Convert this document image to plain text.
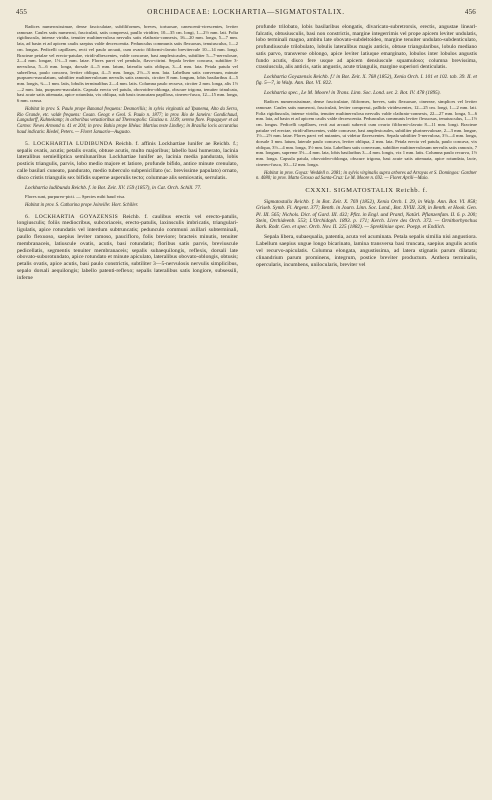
455	ORCHIDACEAE: LOCKHARTIA—SIGMATOSTALIX.	456

Radices numerosissimae, dense fasciculatae, subfiliformes, breves, tortuosae, canescenti-virescentes, leviter ramosae. Caules satis numerosi, fasciculati, satis compressi, paullo viriditer, 10—35 cm. longi, 1—2½ mm. lati. Folia rigidiuscula, intense viridia, tenuiter multinervulosa nervulis satis elathrato-connexis, 16—20 mm. longa, 5—7 mm. lata, ad basin et ad apicem caulis saepius valde decrescentia. Pedunculus communis satis flexuosus, tenuiusculus, 1—2 cm. longus. Pedicelli capillares, recti vel paulo arcuati, cum ovario filiformi-clavato brevitercule 10—14 mm. longi. Bracteae petalae vel erecto-patulae, viridi-albescentes, valde concavae, basi amplexicaules, subtiliter 5—7-nervulosae, 2—4 mm. longae, 1½—3 mm. latae. Flores parvi vel pendulo, flavo-citrini. Sepala leviter concava, subtiliter 3-nervulosa, 5—6 mm. longa, dorsale 4—5 mm. latum, lateralia satis obliqua, 3—4 mm. lata. Petala patula vel subreflexa, paulo concava, leviter obliqua, 4—5 mm. longa, 2½—3 mm. lata. Labellum satis convexum, minute purpureo-maculatum, subtiliter multinervulosum nervulis satis ramosis, circiter 8 mm. longum, lobis basilaribus 4—5 mm. longis, ¾—1 mm. latis, lobulis terminalibus 2—4 mm. latis. Columna paulo recurva, circiter 2 mm. longa, alis 1½—2 mm. lata, purpureo-maculatis. Capsula erecta vel patula, obovoideo-oblonga, obscure trigona, tenuiter trinulcata, basi acute satis attenuata, apice rotundata, vix obliqua, sub basis truncatam papillosa, cinereo-fusca, 12—15 mm. longa, 6 mm. crassa.

Habitat in prov. S. Paulo prope Bananal frequens: Desmoriliis; in sylvis virginatis ad Ypanema, Alto da Serra, Rio Grande, etc. valde frequens: Cosan. Geogr. e Geol. S. Paulo n. 1877; in prov. Rio de Janeiro: Gondichaud, Langsdorff, Kuhnekamp; in arboribus vetustioribus ad Theresopolis: Glaziou n. 1139; sereno flore. Papagayer et ad Carmo: Neves Armond n. 41 et 204; in prov. Bahia prope Ilhéus: Martius teste Lindley; in Brasilia locis accuratius haud indicatis: Riedel, Peters. — Floret Januario—Augusto.

5. LOCKHARTIA LUDIBUNDA Reichb. f. affinis Lockhartiae lunifer ae Reichb. f.; sepalis ovatis, acutis; petalis ovatis, obtuse acutis, multo majoribus; labello basi humerato, lacinia lateralibus semielliptica semilunaribus Lockhartiae lunifer ae, lacinia media pandurata, lobis posticis triangulis, parvis, lobo medio majore et latiore, profunde bifido, antice minute crenulato, calle basilari cuneato, pandurato, medio tuberculo subpenicillato (sc. brevissime papulato) ornato, disco cristis triangulis sex bifidis superne asperulis tecto; columnae alis semiovatis, serrulatis.

Lockhartia ludibunda Reichb. f. in Bot. Zeit. XV. 159 (1857), in Cat. Orch. Schill. 77.

Flores sunt, purpureo-picti. — Species mihi haud visa.

Habitat in prov. S. Catharina prope Joinville: Hort. Schiller.

6. LOCKHARTIA GOYAZENSIS Reichb. f. caulibus erectis vel erecto-patulis, longiusculis; foliis mediocribus, subcoriaceis, erecto-patulis, laxinsculis imbricatis, triangulari-ligulatis, apice rotundatis vel interdum subtruncatis; pedunculo communi axillari subterminali, paullo flexuoso, saepius leviter ramoso, paucifloro, folis breviore; bracteis minutis, tenuiter membranaceis, latiuscule ovatis, acutis, basi rotundatis; floribus satis parvis, breviuscule pedicellatis, segmentis tenuiter membranaceis; sepalis subaequilongis, reflexis, dorsali late obovato-suborotundato, apice rotundato et minute apiculato, lateralibus obovato-oblongis, obtusis; petalis ovatis, apice acutis, basi paulo constrictis, subtiliter 3—5-nervulosis nervulis simplicibus, sepalo dorsali aequilongis; labello patenti-reflexo; sepalis lateralibus satis longiore, subsessili, inferne

profunde trilobato, lobis basilaribus elongatis, divaricato-subretrorsis, erectis, angustae linearl-falcatis, obtusiusculis, basi non constrictis, margine integerrimis vel prope apicem leviter undulatis, lobo terminali magno, ambitu late obovato-subdeltoideo, margine tenuiter undulato-subdenticulato, profundiuscule trilobulato, lobulis lateralibus magis anticis, obtuse triangularibus, lobulo mediano satis parvo, transverse oblongo, apice leviter latiuque emarginato, lobulos inter lobulos angustis fundo acutis, disco fere usque ad apicem densiuscule squamuloso; columna brevissima, crassiuscula, alis anticis, satis angustis, acute triangulis, margine superiori denticulatis.

Lockhartia Goyazensis Reichb. f.! in Bot. Zeit. X. 768 (1852), Xenia Orch. I. 101 et 102. tab. 39. II. et fig. 5—7, in Walp. Ann. Bot. VI. 822.

Lockhartia spec., Le M. Moore! in Trans. Linn. Soc. Lond. ser. 2. Bot. IV. 478 (1895).

Radices numerosissimae, dense fasciculatae, filiformes, breves, satis flexuosae, cinereae, simplices vel leviter ramosae. Caules satis numerosi, fasciculati, leviter compressi, pallido viridescentes, 12—25 cm. longi, 1—2 mm. lati. Folia rigidiuscula, intense viridia, tenuiter multinervulosa nervulis valde clathrato-connexis, 22—27 mm. longa, 5—6 mm. lata, ad basin et ad apicem caulis valde decrescentia. Pedunculus communis leviter flexuosus, tenuiusculus, 1—1½ cm. longus. Pedicelli capillares, recti aut arcuati subrecti cum ovario filiformi-clavato 8—11 mm. longi. Bracteae patulae vel erectae, viridi-albescentes, valde concavae, basi amplexicaules, subtiliter plurinervulosae, 2—3 mm. longae, 1½—2½ mm. latae. Flores parvi vel nutantes, ut videtur flavescentes. Sepala subtiliter 5-nervulosa, 3½—4 mm. longa, dorsale 3 mm. latum, laterale paulo concava, leviter obliqua, 2 mm. lata. Petala erecta vel patula, paulo concava, vix obliqua, 3½—4 mm. longa, 3½ mm. lata. Labellum satis convexum, subtiliter multinervulosum nervulis satis ramosis, 7 mm. longum, supreme 3½—4 mm. lata, lobis basilaribus 3—4 mm. longis, vix 1 mm. latis. Columna paulo recurva, 1½ mm. longa. Capsula patula, obovoideo-oblonga, obscure trigona, basi acute satis attenuata, apice rotundata, lacte, cinereo-fusca, 10—12 mm. longa.

Habitat in prov. Goyaz: Weddell n. 2081; in sylvis virginalis supra arbores ad Arrayas et S. Domingos: Gardner n. 4080; in prov. Matto Grosso ad Santa-Cruz: Le M. Moore n. 692. — Floret Aprili—Maio.

CXXXI. SIGMATOSTALIX Reichb. f.

Sigmatostalix Reichb. f. in Bot. Zeit. X. 769 (1852), Xenia Orch. I. 29, in Walp. Ann. Bot. VI. 858; Griseb. Symb. Fl. Argent. 377; Benth. in Journ. Linn. Soc. Lond., Bot. XVIII. 328, in Benth. et Hook. Gen. Pl. III. 565; Nichols. Dict. of Gard. III. 432; Pfitz. in Engl. und Prantl, Natürl. Pflanzenfam. II. 6. p. 200; Stein, Orchideenb. 553; L'Orchidoph. 1893. p. 171; Kerch. Livre des Orch. 372. — Ornithorhynchus Bark. Rodr. Gen. et spec. Orch. Nov. II. 225 (1882). — Sprekliniae spec. Poepp. et Endlich.

Sepala libera, subaequalia, patentia, acuta vel acuminata. Petala sepalis similia nisi angustiora. Labellum saepius ungue longo bicarinato, lamina transversa basi truncata, saepius angulis acutis vel recurvo-apiculatis. Columna elongata, angustissima, ad latera stignatis parum dilatata; clinandrium parum prominens, integrum, postice breviter productum. Anthera terminalis, opercularis, incumbens, unilocularis, breviter vel
